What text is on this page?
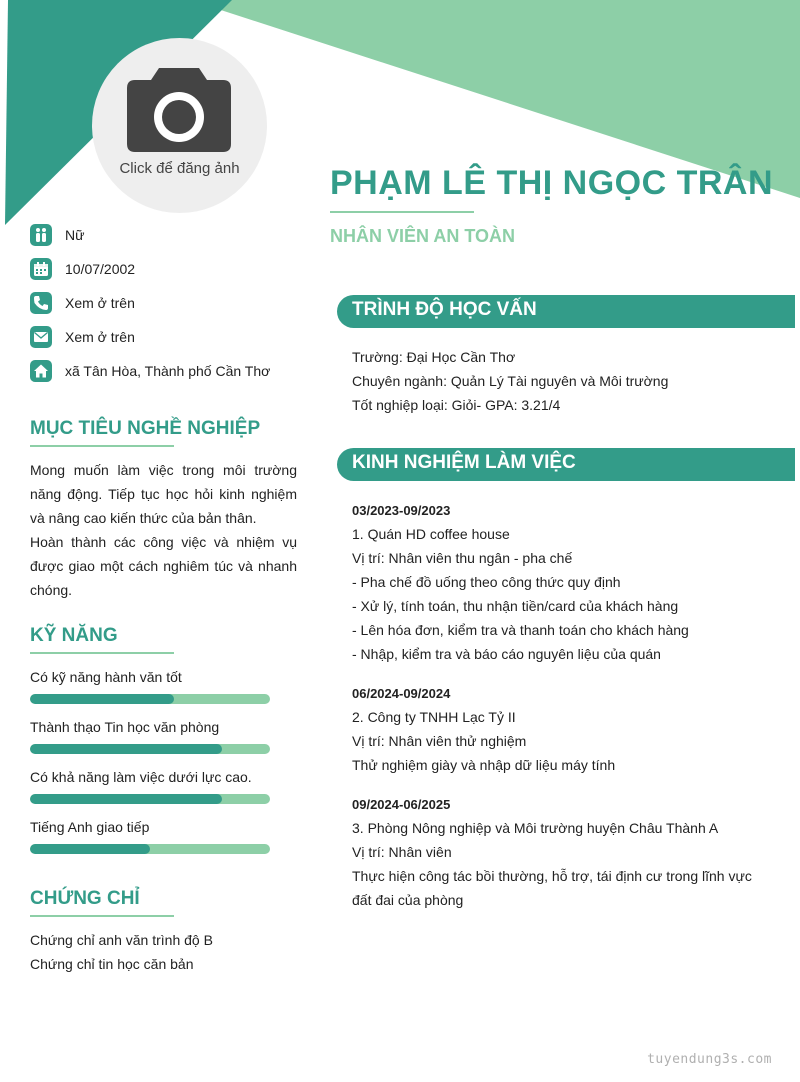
Click để đăng ảnh	PHẠM LÊ THỊ NGỌC TRÂN
NHÂN VIÊN AN TOÀN
Nữ
10/07/2002
Xem ở trên
Xem ở trên
xã Tân Hòa, Thành phố Cần Thơ
MỤC TIÊU NGHỀ NGHIỆP

Mong muốn làm việc trong môi trường năng động. Tiếp tục học hỏi kinh nghiệm và nâng cao kiến thức của bản thân.

Hoàn thành các công việc và nhiệm vụ được giao một cách nghiêm túc và nhanh chóng.

KỸ NĂNG
Có kỹ năng hành văn tốt
Thành thạo Tin học văn phòng
Có khả năng làm việc dưới lực cao.
Tiếng Anh giao tiếp
CHỨNG CHỈ
Chứng chỉ anh văn trình độ B
Chứng chỉ tin học căn bản
TRÌNH ĐỘ HỌC VẤN
Trường: Đại Học Cần Thơ
Chuyên ngành: Quản Lý Tài nguyên và Môi trường
Tốt nghiệp loại: Giỏi- GPA: 3.21/4
KINH NGHIỆM LÀM VIỆC
03/2023-09/2023
1. Quán HD coffee house
Vị trí: Nhân viên thu ngân - pha chế
- Pha chế đồ uống theo công thức quy định
- Xử lý, tính toán, thu nhận tiền/card của khách hàng
- Lên hóa đơn, kiểm tra và thanh toán cho khách hàng
- Nhập, kiểm tra và báo cáo nguyên liệu của quán
06/2024-09/2024
2. Công ty TNHH Lạc Tỷ II
Vị trí: Nhân viên thử nghiệm
Thử nghiệm giày và nhập dữ liệu máy tính
09/2024-06/2025
3. Phòng Nông nghiệp và Môi trường huyện Châu Thành A
Vị trí: Nhân viên
Thực hiện công tác bồi thường, hỗ trợ, tái định cư trong lĩnh vực
đất đai của phòng
tuyendung3s.com
